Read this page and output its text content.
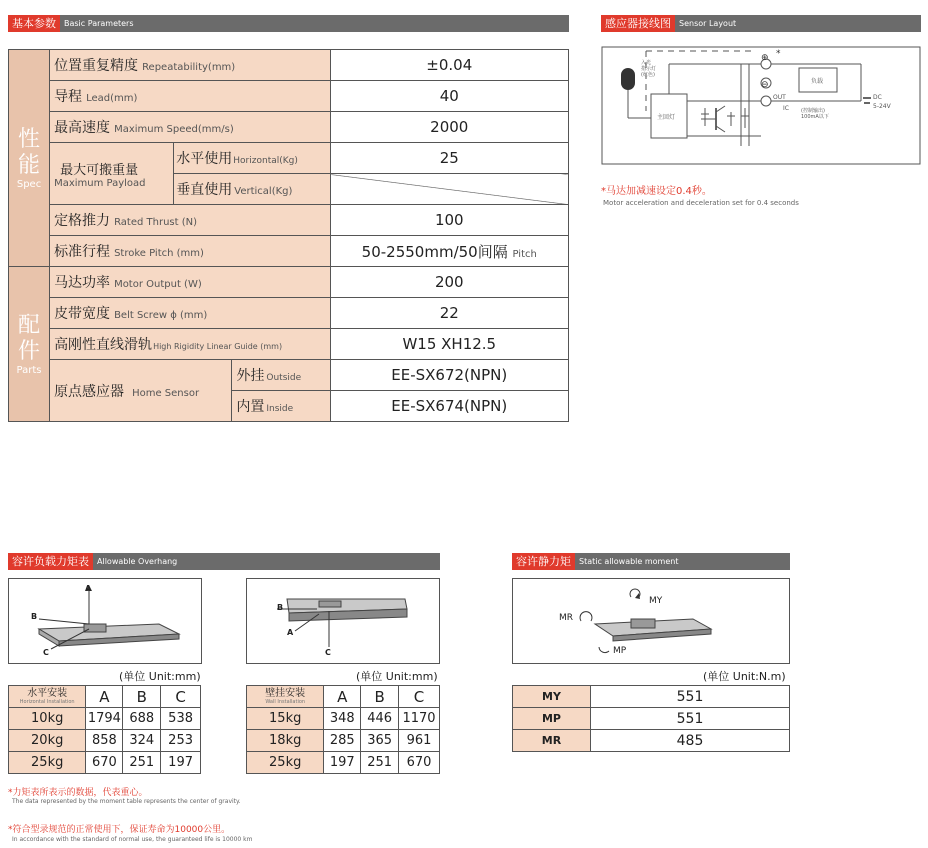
基本参数	Basic Parameters
性能
Spec	位置重复精度 Repeatability(mm)			±0.04
	导程 Lead(mm)			40
	最高速度 Maximum Speed(mm/s)			2000

	最大可搬重量
Maximum Payload	水平使用Horizontal(Kg)		25
		垂直使用 Vertical(Kg)		
	定格推力 Rated Thrust (N)			100
	标准行程 Stroke Pitch (mm)			50-2550mm/50间隔 Pitch

配件
Parts	马达功率 Motor Output (W)			200
	皮带宽度 Belt Screw ϕ (mm)			22
	高刚性直线滑轨High Rigidity Linear Guide (mm)			W15 XH12.5
	原点感应器 Home Sensor		外挂 Outside	EE-SX672(NPN)
			内置 Inside	EE-SX674(NPN)
感应器接线图	Sensor Layout
入光
指示灯
(红色)
主回灯
⊕ *
⊖	负载
OUT
IC (控制输出)
100mA以下
DC
5-24V
*马达加减速设定0.4秒。
Motor acceleration and deceleration set for 0.4 seconds
容许负载力矩表	Allowable Overhang
A
B
C	C
B
A
(单位 Unit:mm)	(单位 Unit:mm)
水平安装
Horizontal Installation	A	B	C
10kg	1794	688	538
20kg	858	324	253
25kg	670	251	197
壁挂安装
Wall Installation	A	B	C
15kg	348	446	1170
18kg	285	365	961
25kg	197	251	670
*力矩表所表示的数据，代表重心。
The data represented by the moment table represents the center of gravity.
*符合型录规范的正常使用下，保证寿命为10000公里。
In accordance with the standard of normal use, the guaranteed life is 10000 km
容许静力矩	Static allowable moment
MY
MR
MP
(单位 Unit:N.m)
MY	551
MP	551
MR	485
